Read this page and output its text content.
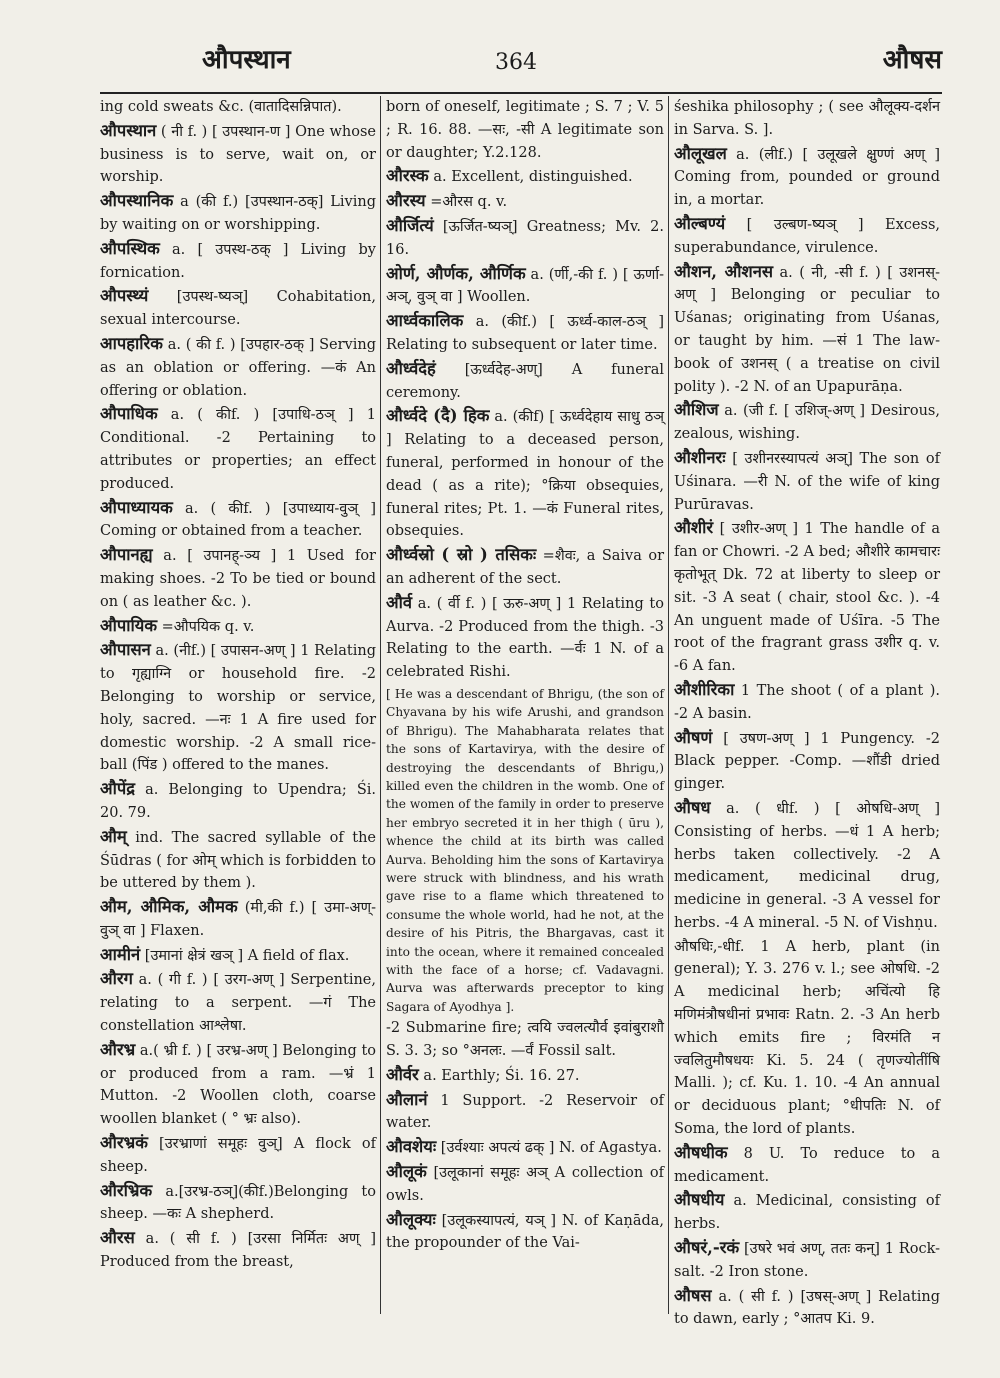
औपस्थान	364	औषस
ing cold sweats &c. (वातादिसन्निपात).
औपस्थान ( नी f. ) [ उपस्थान-ण ] One whose business is to serve, wait on, or worship.
औपस्थानिक a (की f.) [उपस्थान-ठक्] Living by waiting on or worshipping.
औपस्थिक a. [ उपस्थ-ठक् ] Living by fornication.
औपस्थ्यं [उपस्थ-ष्यञ्] Cohabitation, sexual intercourse.
आपहारिक a. ( की f. ) [उपहार-ठक् ] Serving as an oblation or offering. —कं An offering or oblation.
औपाधिक a. ( कीf. ) [उपाधि-ठञ् ] 1 Conditional. -2 Pertaining to attributes or properties; an effect produced.
औपाध्यायक a. ( कीf. ) [उपाध्याय-वुञ् ] Coming or obtained from a teacher.
औपानह्य a. [ उपानह्-ञ्य ] 1 Used for making shoes. -2 To be tied or bound on ( as leather &c. ).
औपायिक =औपयिक q. v.
औपासन a. (नीf.) [ उपासन-अण् ] 1 Relating to गृह्याग्नि or household fire. -2 Belonging to worship or service, holy, sacred. —नः 1 A fire used for domestic worship. -2 A small rice-ball (पिंड ) offered to the manes.
औपेंद्र a. Belonging to Upendra; Śi. 20. 79.
औम् ind. The sacred syllable of the Śūdras ( for ओम् which is forbidden to be uttered by them ).
औम, औमिक, औमक (मी,की f.) [ उमा-अण्-वुञ् वा ] Flaxen.
आमीनं [उमानां क्षेत्रं खञ् ] A field of flax.
औरग a. ( गी f. ) [ उरग-अण् ] Serpentine, relating to a serpent. —गं The constellation आश्लेषा.
औरभ्र a.( भ्री f. ) [ उरभ्र-अण् ] Belonging to or produced from a ram. —भ्रं 1 Mutton. -2 Woollen cloth, coarse woollen blanket ( ° भ्रः also).
औरभ्रकं [उरभ्राणां समूहः वुञ्] A flock of sheep.
औरभ्रिक a.[उरभ्र-ठञ्](कीf.)Belonging to sheep. —कः A shepherd.
औरस a. ( सी f. ) [उरसा निर्मितः अण् ] Produced from the breast,
born of oneself, legitimate ; S. 7 ; V. 5 ; R. 16. 88. —सः, -सी A legitimate son or daughter; Y.2.128.
औरस्क a. Excellent, distinguished.
औरस्य =औरस q. v.
और्जित्यं [ऊर्जित-ष्यञ्] Greatness; Mv. 2. 16.
ओर्ण, और्णक, और्णिक a. (र्णी,-की f. ) [ ऊर्णा-अञ्, वुञ् वा ] Woollen.
आर्ध्वकालिक a. (कीf.) [ ऊर्ध्व-काल-ठञ् ] Relating to subsequent or later time.
और्ध्वदेहं [ऊर्ध्वदेह-अण्] A funeral ceremony.
और्ध्वदे (दै) हिक a. (कीf) [ ऊर्ध्वदेहाय साधु ठञ् ] Relating to a deceased person, funeral, performed in honour of the dead ( as a rite); °क्रिया obsequies, funeral rites; Pt. 1. —कं Funeral rites, obsequies.
और्ध्वस्रो ( स्रो ) तसिकः =शैवः, a Saiva or an adherent of the sect.
और्व a. ( र्वी f. ) [ ऊरु-अण् ] 1 Relating to Aurva. -2 Produced from the thigh. -3 Relating to the earth. —र्वः 1 N. of a celebrated Rishi.
[ He was a descendant of Bhrigu, (the son of Chyavana by his wife Arushi, and grandson of Bhrigu). The Mahabharata relates that the sons of Kartavirya, with the desire of destroying the descendants of Bhrigu,) killed even the children in the womb. One of the women of the family in order to preserve her embryo secreted it in her thigh ( ūru ), whence the child at its birth was called Aurva. Beholding him the sons of Kartavirya were struck with blindness, and his wrath gave rise to a flame which threatened to consume the whole world, had he not, at the desire of his Pitris, the Bhargavas, cast it into the ocean, where it remained concealed with the face of a horse; cf. Vadavagni. Aurva was afterwards preceptor to king Sagara of Ayodhya ].
-2 Submarine fire; त्वयि ज्वलत्यौर्व इवांबुराशौ S. 3. 3; so °अनलः. —र्वं Fossil salt.
और्वर a. Earthly; Śi. 16. 27.
औलानं 1 Support. -2 Reservoir of water.
औवशेयः [उर्वश्याः अपत्यं ढक् ] N. of Agastya.
औलूकं [उलूकानां समूहः अञ् A collection of owls.
औलूक्यः [उलूकस्यापत्यं, यञ् ] N. of Kaṇāda, the propounder of the Vai-
śeshika philosophy ; ( see औलूक्य-दर्शन in Sarva. S. ].
औलूखल a. (लीf.) [ उलूखले क्षुण्णं अण् ] Coming from, pounded or ground in, a mortar.
औल्बण्यं [ उल्बण-ष्यञ् ] Excess, superabundance, virulence.
औशन, औशनस a. ( नी, -सी f. ) [ उशनस्-अण् ] Belonging or peculiar to Uśanas; originating from Uśanas, or taught by him. —सं 1 The law-book of उशनस् ( a treatise on civil polity ). -2 N. of an Upapurāṇa.
औशिज a. (जी f. [ उशिज्-अण् ] Desirous, zealous, wishing.
औशीनरः [ उशीनरस्यापत्यं अञ्] The son of Uśinara. —री N. of the wife of king Purūravas.
औशीरं [ उशीर-अण् ] 1 The handle of a fan or Chowri. -2 A bed; औशीरे कामचारः कृतोभूत् Dk. 72 at liberty to sleep or sit. -3 A seat ( chair, stool &c. ). -4 An unguent made of Uśīra. -5 The root of the fragrant grass उशीर q. v. -6 A fan.
औशीरिका 1 The shoot ( of a plant ). -2 A basin.
औषणं [ उषण-अण् ] 1 Pungency. -2 Black pepper. -Comp. —शौंडी dried ginger.
औषध a. ( धीf. ) [ ओषधि-अण् ] Consisting of herbs. —धं 1 A herb; herbs taken collectively. -2 A medicament, medicinal drug, medicine in general. -3 A vessel for herbs. -4 A mineral. -5 N. of Vishṇu.
औषधिः,-धीf. 1 A herb, plant (in general); Y. 3. 276 v. l.; see ओषधि. -2 A medicinal herb; अचिंत्यो हि मणिमंत्रौषधीनां प्रभावः Ratn. 2. -3 An herb which emits fire ; विरमंति न ज्वलितुमौषधयः Ki. 5. 24 ( तृणज्योतींषि Malli. ); cf. Ku. 1. 10. -4 An annual or deciduous plant; °धीपतिः N. of Soma, the lord of plants.
औषधीक 8 U. To reduce to a medicament.
औषधीय a. Medicinal, consisting of herbs.
औषरं,-रकं [उषरे भवं अण्, ततः कन्] 1 Rock-salt. -2 Iron stone.
औषस a. ( सी f. ) [उषस्-अण् ] Relating to dawn, early ; °आतप Ki. 9.
